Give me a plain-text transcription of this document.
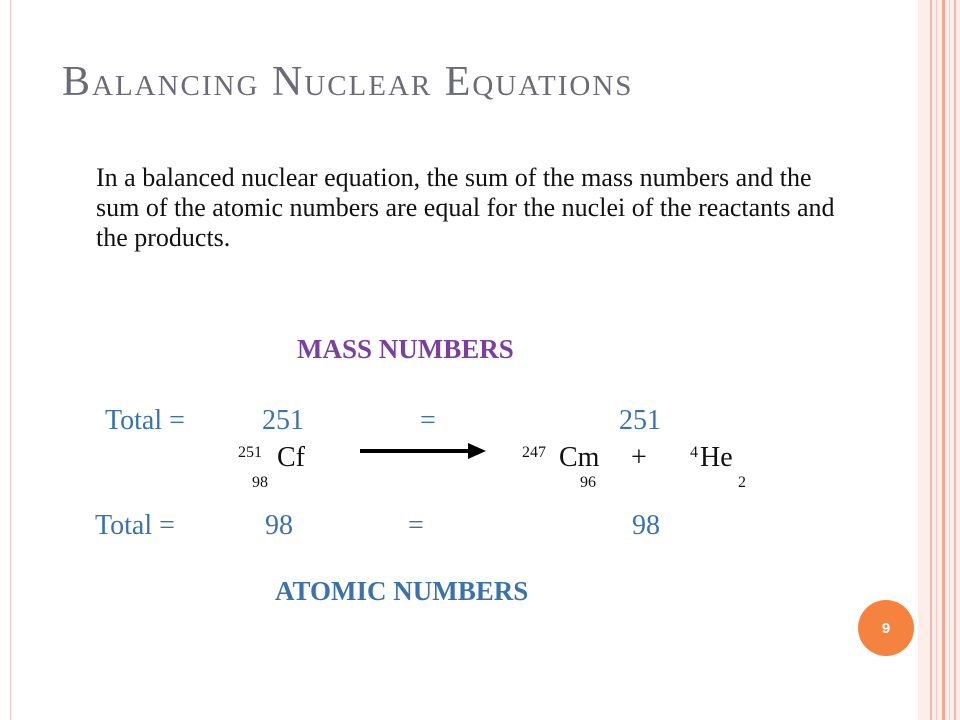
Balancing Nuclear Equations

In a balanced nuclear equation, the sum of the mass numbers and the sum of the atomic numbers are equal for the nuclei of the reactants and the products.

MASS NUMBERS
Total =	251	=	251
251 Cf
98
247 Cm
96
+	4 He
2
Total =	98	=	98
ATOMIC NUMBERS
9
